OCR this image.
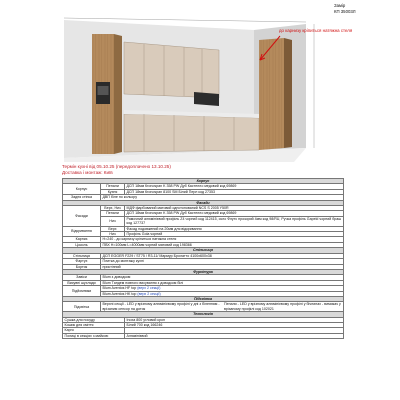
Замір
КП 35003Л
до карнизу кріпиться натяжна стеля
Термін кухні від 05.10.25 (передоплачено 13.10.25)
Доставка і монтаж: Київ
Корпус		
Корпус	Пенали	ДСП 18мм Кronospan K 358 PW Дуб Кастелло медовий код 69869
	Кухня	ДСП 18мм Кronospan 8100 SM Білий Перл код 27353
Задня стінка	ДВП біле по кольору	
Фасади		
Фасади	Верх, Низ	МДФ фарбований матовий однотонований NCS S 2005 Y50R
	Пенали	ДСП 18мм Кronospan K 358 PW Дуб Кастелло медовий код 69869
	Низ	Рамочний алюмінієвий профіль Z4 чорний код 112415, скло Флутс прозорий 4мм код 98/RU, Ручка профіль Gapeld чорний браш код 127737
Відкривання	Верх	Фасад подовжений на 20мм для відкривання
	Низ	Профіль Gola чорний
Карниз	H=240 - до карнизу кріпиться натяжна стеля	
Цоколь	ПВХ H=100мм L=4000мм чорний матовий код 198366	
Стільниця		
Стільниця	ДСП EGGER F229 / ST75 / R3-11/ Мармур Бролатто 4100х600х38	
Фартух	Плитка до монтажу кухні	
Бортик	пристінний	
Фурнітура		
Завіси	Blum з доводком	
Висувні шухляди	Blum Тандем повного висування з доводком білі	
Підйомники	Blum Aventos HF top (верх 2 секції)	
	Blum Aventos HK top (верх 2 секції)	
Підсвітка		
Підсвітка	Верхні секції - LED у врізному алюмінієвому профілі у дні з біленням - врізаним сенсор на дотик
Пенали - LED у врізному алюмінієвому профілі у бічнинах - вимикач у врізаному профілі код 102021	

Технологія		
Сушка для посуду		Inoxa 800 угловий кроп
Кошик для сміття		Білий 700 код 166246
Карго		
Полиці в секціях з мийкою		Алюмінієвий
